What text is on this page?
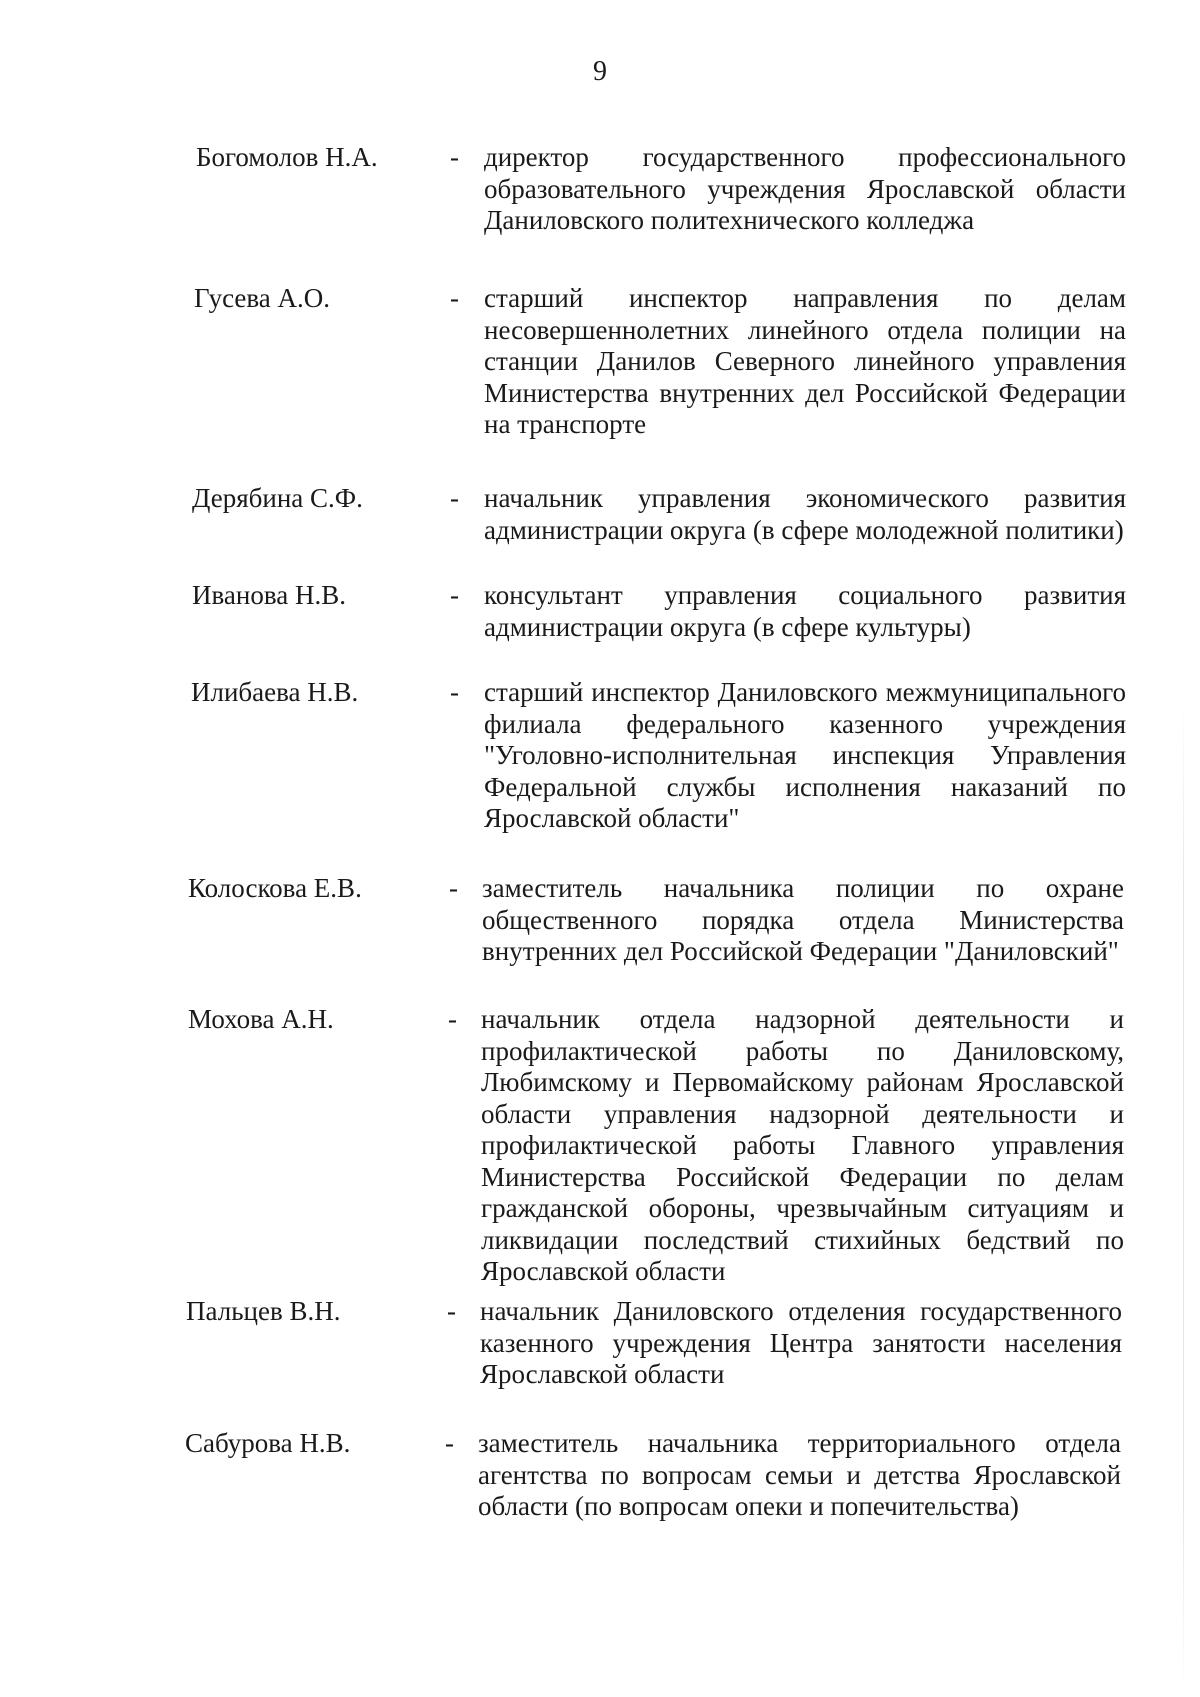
9
Богомолов Н.А.	- директор государственного профессионального образовательного учреждения Ярославской области Даниловского политехнического колледжа
Гусева А.О.	- старший инспектор направления по делам несовершеннолетних линейного отдела полиции на станции Данилов Северного линейного управления Министерства внутренних дел Российской Федерации на транспорте
Дерябина С.Ф.	- начальник управления экономического развития администрации округа (в сфере молодежной политики)
Иванова Н.В.	- консультант управления социального развития администрации округа (в сфере культуры)
Илибаева Н.В.	- старший инспектор Даниловского межмуниципального филиала федерального казенного учреждения "Уголовно-исполнительная инспекция Управления Федеральной службы исполнения наказаний по Ярославской области"
Колоскова Е.В.	- заместитель начальника полиции по охране общественного порядка отдела Министерства внутренних дел Российской Федерации "Даниловский"
Мохова А.Н.	- начальник отдела надзорной деятельности и профилактической работы по Даниловскому, Любимскому и Первомайскому районам Ярославской области управления надзорной деятельности и профилактической работы Главного управления Министерства Российской Федерации по делам гражданской обороны, чрезвычайным ситуациям и ликвидации последствий стихийных бедствий по Ярославской области
Пальцев В.Н.	- начальник Даниловского отделения государственного казенного учреждения Центра занятости населения Ярославской области
Сабурова Н.В.	- заместитель начальника территориального отдела агентства по вопросам семьи и детства Ярославской области (по вопросам опеки и попечительства)
